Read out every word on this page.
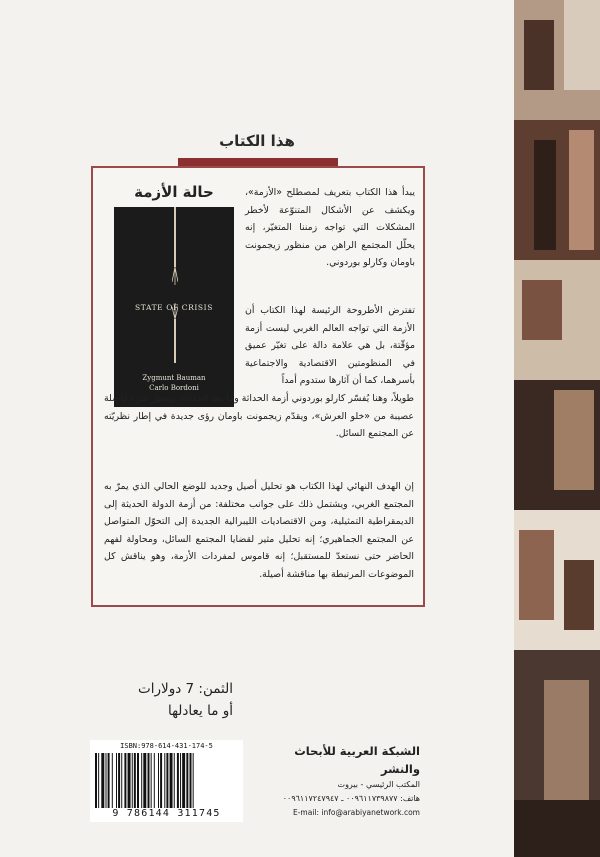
هذا الكتاب
حالة الأزمة
STATE OF CRISIS
Zygmunt Bauman
Carlo Bordoni
يبدأ هذا الكتاب بتعريف لمصطلح «الأزمة»، ويكشف عن الأشكال المتنوّعة لأخطر المشكلات التي تواجه زمننا المتغيّر، إنه يحلّل المجتمع الراهن من منظور زيجمونت باومان وكارلو بوردوني.
تفترض الأطروحة الرئيسة لهذا الكتاب أن الأزمة التي تواجه العالم الغربي ليست أزمة مؤقّتة، بل هي علامة دالة على تغيّر عميق في المنظومتين الاقتصادية والاجتماعية بأسرهما، كما أن آثارها ستدوم أمداً
طويلاً، وهنا يُفسّر كارلو بوردوني أزمة الحداثة وما بعد الحداثة، ويصوّر فترة فاصلة عصيبة من «خلو العرش»، ويقدّم زيجمونت باومان رؤى جديدة في إطار نظريّته عن المجتمع السائل.
إن الهدف النهائي لهذا الكتاب هو تحليل أصيل وجديد للوضع الحالي الذي يمرّ به المجتمع الغربي، ويشتمل ذلك على جوانب مختلفة: من أزمة الدولة الحديثة إلى الديمقراطية التمثيلية، ومن الاقتصاديات الليبرالية الجديدة إلى التحوّل المتواصل عن المجتمع الجماهيري؛ إنه تحليل مثير لقضايا المجتمع السائل، ومحاولة لفهم الحاضر حتى نستعدّ للمستقبل؛ إنه قاموس لمفردات الأزمة، وهو يناقش كل الموضوعات المرتبطة بها مناقشة أصيلة.
الثمن: 7 دولارات
أو ما يعادلها
ISBN:978-614-431-174-5
9 786144 311745
الشبكة العربية للأبحاث والنشر
المكتب الرئيسي - بيروت
هاتف: ٠٠٩٦١١٧٣٩٨٧٧ ـ ٠٠٩٦١١٧٢٤٧٩٤٧
E-mail: info@arabiyanetwork.com
